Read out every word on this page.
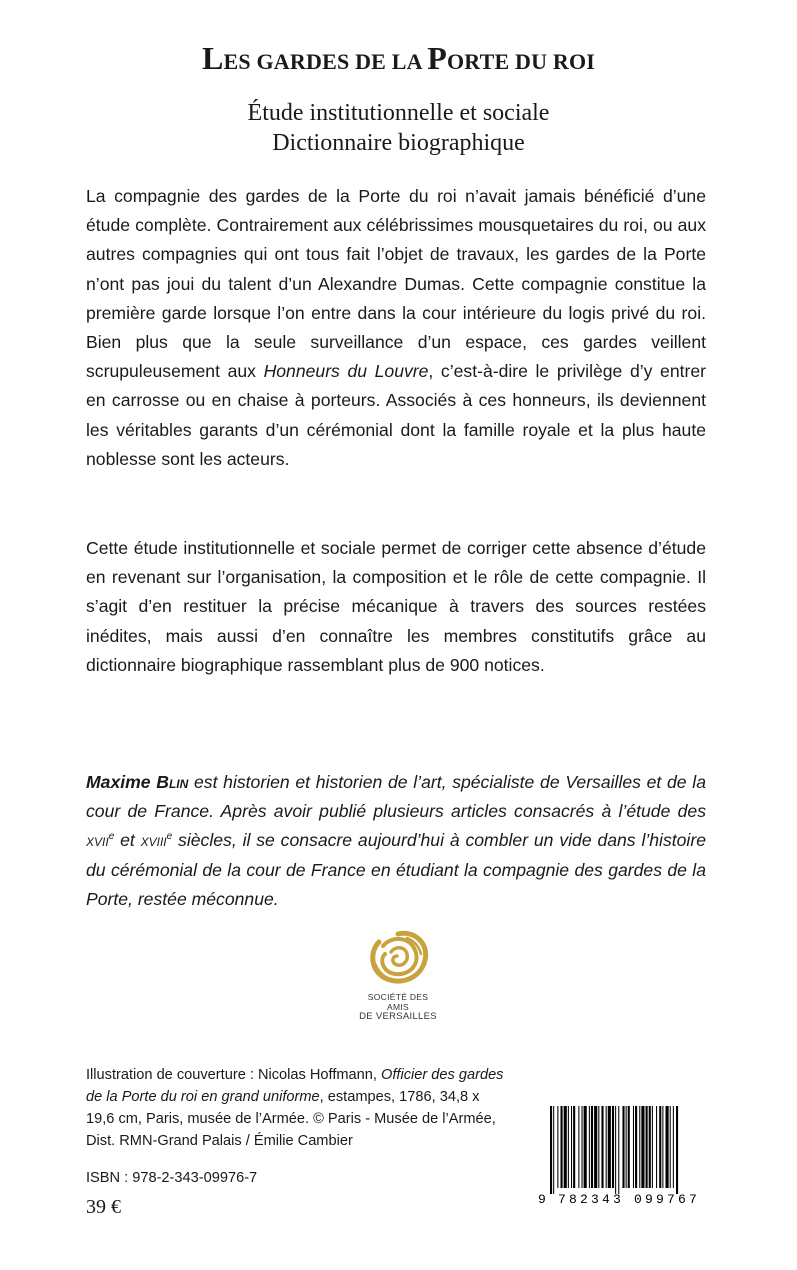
LES GARDES DE LA PORTE DU ROI
Étude institutionnelle et sociale
Dictionnaire biographique

La compagnie des gardes de la Porte du roi n’avait jamais bénéficié d’une étude complète. Contrairement aux célébrissimes mousquetaires du roi, ou aux autres compagnies qui ont tous fait l’objet de travaux, les gardes de la Porte n’ont pas joui du talent d’un Alexandre Dumas. Cette compagnie constitue la première garde lorsque l’on entre dans la cour intérieure du logis privé du roi. Bien plus que la seule surveillance d’un espace, ces gardes veillent scrupuleusement aux Honneurs du Louvre, c’est-à-dire le privilège d’y entrer en carrosse ou en chaise à porteurs. Associés à ces honneurs, ils deviennent les véritables garants d’un cérémonial dont la famille royale et la plus haute noblesse sont les acteurs.

Cette étude institutionnelle et sociale permet de corriger cette absence d’étude en revenant sur l’organisation, la composition et le rôle de cette compagnie. Il s’agit d’en restituer la précise mécanique à travers des sources restées inédites, mais aussi d’en connaître les membres constitutifs grâce au dictionnaire biographique rassemblant plus de 900 notices.

Maxime Blin est historien et historien de l’art, spécialiste de Versailles et de la cour de France. Après avoir publié plusieurs articles consacrés à l’étude des xvii$^e$ et xviii$^e$ siècles, il se consacre aujourd’hui à combler un vide dans l’histoire du cérémonial de la cour de France en étudiant la compagnie des gardes de la Porte, restée méconnue.

SOCIÉTÉ DES AMIS
DE VERSAILLES
Illustration de couverture : Nicolas Hoffmann, Officier des gardes de la Porte du roi en grand uniforme, estampes, 1786, 34,8 x 19,6 cm, Paris, musée de l’Armée. © Paris - Musée de l’Armée, Dist. RMN-Grand Palais / Émilie Cambier
ISBN : 978-2-343-09976-7
39 €	9 782343 099767
